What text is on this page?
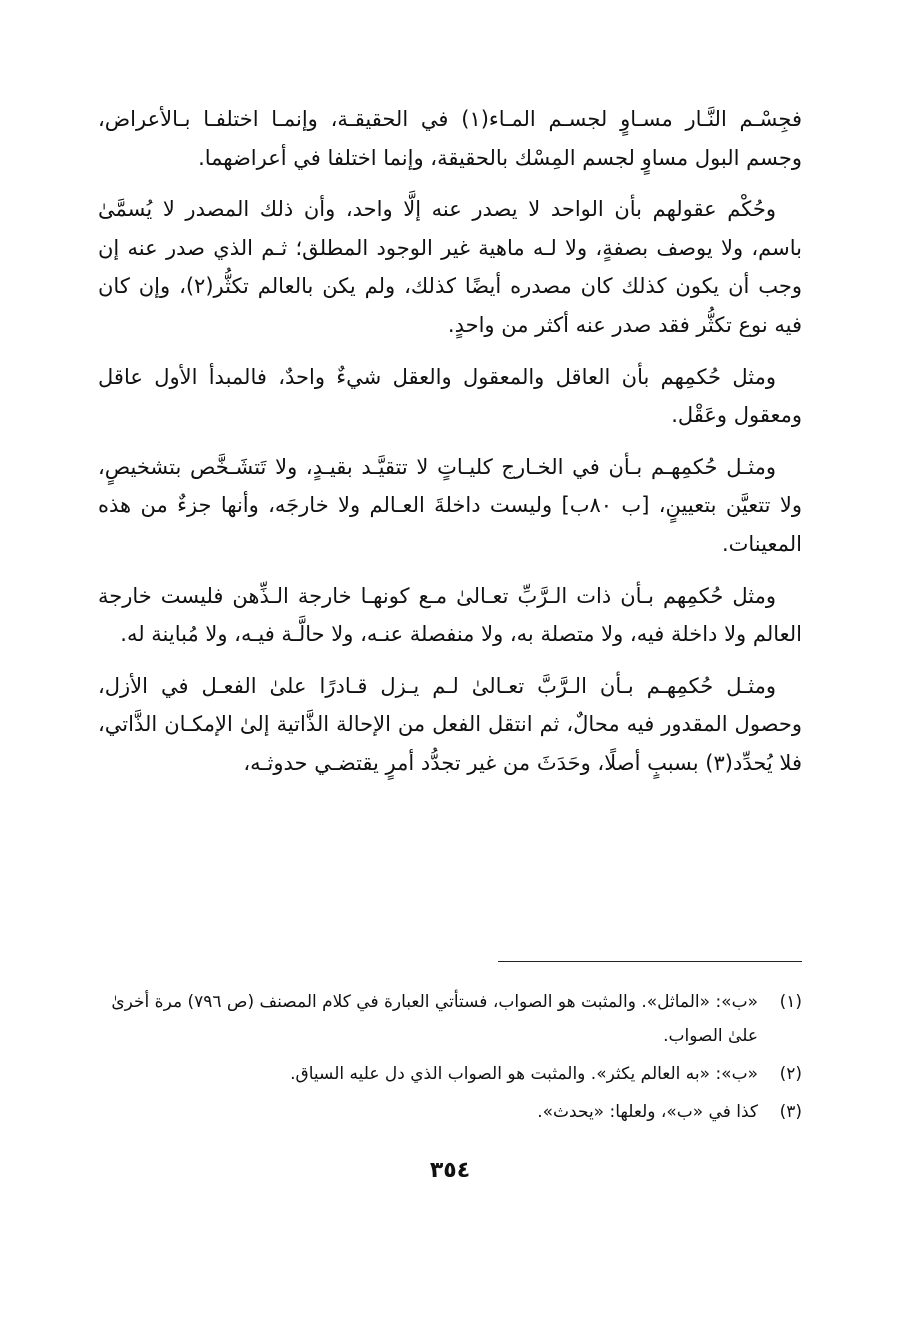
فجِسْـم النَّـار مسـاوٍ لجسـم المـاء(١) في الحقيقـة، وإنمـا اختلفـا بـالأعراض، وجسم البول مساوٍ لجسم المِسْك بالحقيقة، وإنما اختلفا في أعراضهما.

وحُكْم عقولهم بأن الواحد لا يصدر عنه إلَّا واحد، وأن ذلك المصدر لا يُسمَّىٰ باسم، ولا يوصف بصفةٍ، ولا لـه ماهية غير الوجود المطلق؛ ثـم الذي صدر عنه إن وجب أن يكون كذلك كان مصدره أيضًا كذلك، ولم يكن بالعالم تكثُّر(٢)، وإن كان فيه نوع تكثُّر فقد صدر عنه أكثر من واحدٍ.

ومثل حُكمِهم بأن العاقل والمعقول والعقل شيءٌ واحدٌ، فالمبدأ الأول عاقل ومعقول وعَقْل.

ومثـل حُكمِهـم بـأن في الخـارج كليـاتٍ لا تتقيَّـد بقيـدٍ، ولا تَتشَـخَّص بتشخيصٍ، ولا تتعيَّن بتعيينٍ، [ب ٨٠ب] وليست داخلةَ العـالم ولا خارجَه، وأنها جزءٌ من هذه المعينات.

ومثل حُكمِهم بـأن ذات الـرَّبِّ تعـالىٰ مـع كونهـا خارجة الـذِّهن فليست خارجة العالم ولا داخلة فيه، ولا متصلة به، ولا منفصلة عنـه، ولا حالَّـة فيـه، ولا مُباينة له.

ومثـل حُكمِهـم بـأن الـرَّبَّ تعـالىٰ لـم يـزل قـادرًا علىٰ الفعـل في الأزل، وحصول المقدور فيه محالٌ، ثم انتقل الفعل من الإحالة الذَّاتية إلىٰ الإمكـان الذَّاتي، فلا يُحدِّد(٣) بسببٍ أصلًا، وحَدَثَ من غير تجدُّد أمرٍ يقتضـي حدوثـه،

(١)
«ب»: «الماثل». والمثبت هو الصواب، فستأتي العبارة في كلام المصنف (ص ٧٩٦) مرة أخرىٰ علىٰ الصواب.
(٢)
«ب»: «به العالم يكثر». والمثبت هو الصواب الذي دل عليه السياق.
(٣)
كذا في «ب»، ولعلها: «يحدث».
٣٥٤
